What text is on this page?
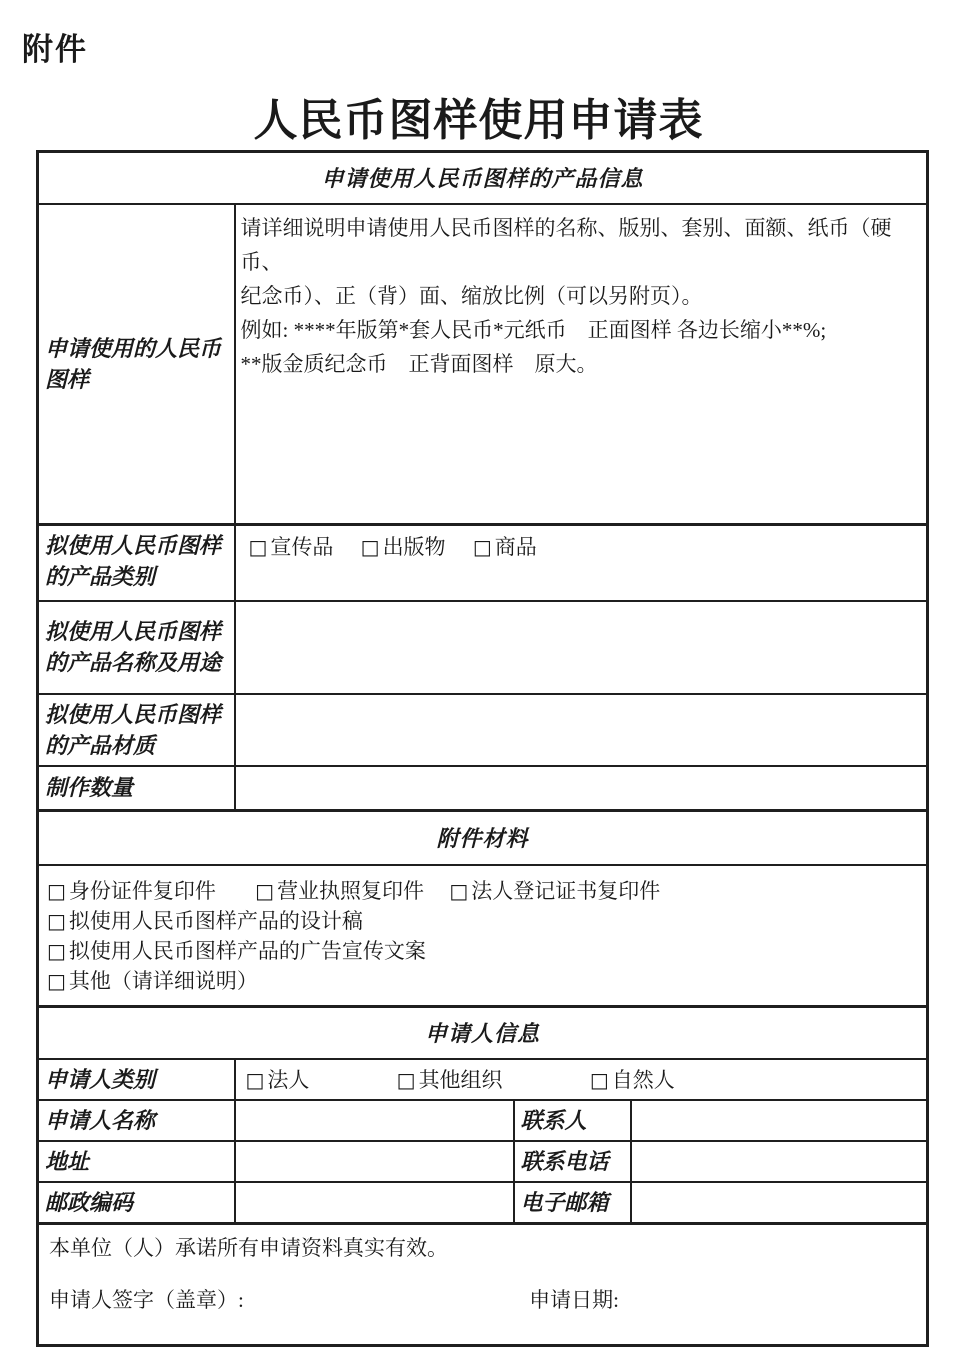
附件
人民币图样使用申请表
申请使用人民币图样的产品信息			
申请使用的人民币图样	请详细说明申请使用人民币图样的名称、版别、套别、面额、纸币（硬币、
纪念币）、正（背）面、缩放比例（可以另附页）。
例如: ****年版第*套人民币*元纸币　正面图样 各边长缩小**%;
**版金质纪念币　正背面图样　原大。		

拟使用人民币图样的产品类别	□ 宣传品 □ 出版物 □ 商品		
拟使用人民币图样的产品名称及用途			
拟使用人民币图样的产品材质			
制作数量			
附件材料			

□ 身份证件复印件 □ 营业执照复印件 □ 法人登记证书复印件
□ 拟使用人民币图样产品的设计稿
□ 拟使用人民币图样产品的广告宣传文案
□ 其他（请详细说明）			

申请人信息			
申请人类别	□ 法人 □ 其他组织 □ 自然人		
申请人名称		联系人	
地址		联系电话	
邮政编码		电子邮箱	

本单位（人）承诺所有申请资料真实有效。
申请人签字（盖章）: 申请日期:			
